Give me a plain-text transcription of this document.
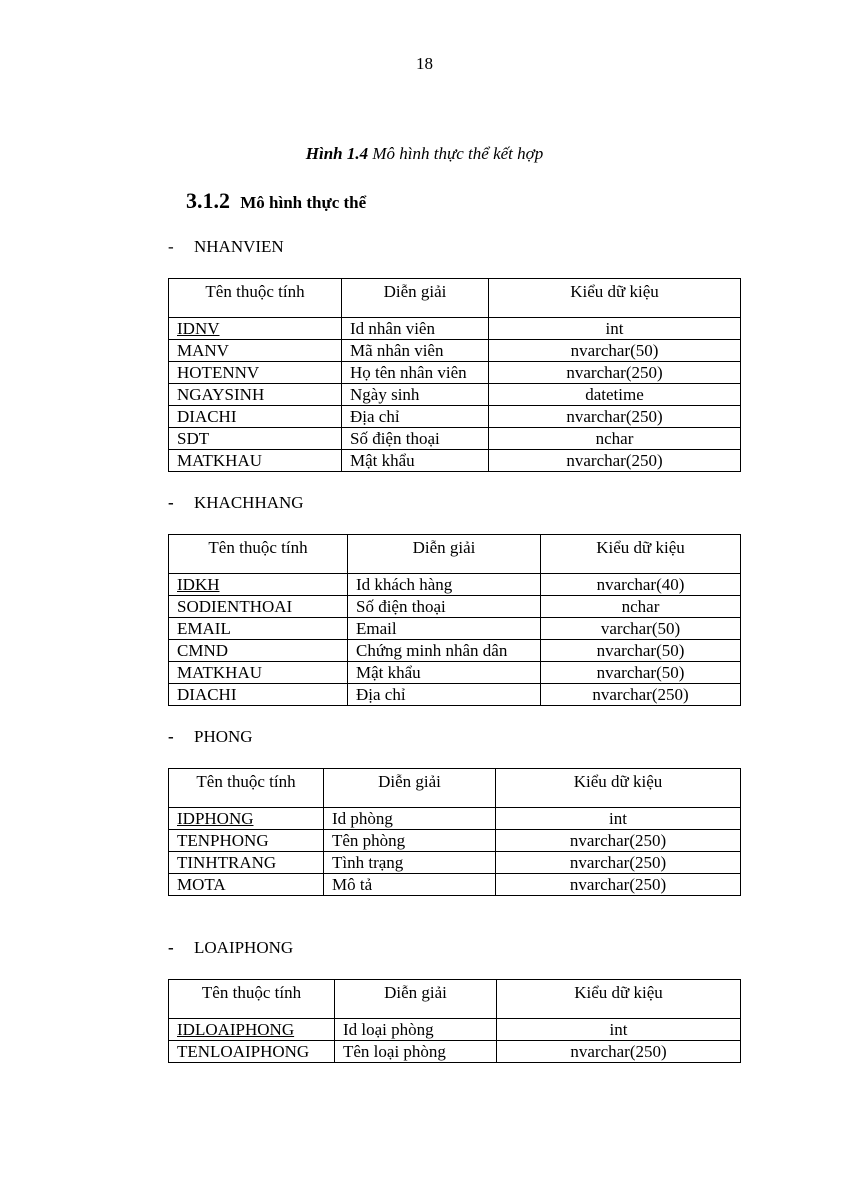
18
Hình 1.4 Mô hình thực thể kết hợp
3.1.2 Mô hình thực thể
- NHANVIEN
Tên thuộc tính	Diễn giải	Kiểu dữ kiệu
IDNV	Id nhân viên	int
MANV	Mã nhân viên	nvarchar(50)
HOTENNV	Họ tên nhân viên	nvarchar(250)
NGAYSINH	Ngày sinh	datetime
DIACHI	Địa chỉ	nvarchar(250)
SDT	Số điện thoại	nchar
MATKHAU	Mật khẩu	nvarchar(250)
- KHACHHANG
Tên thuộc tính	Diễn giải	Kiểu dữ kiệu
IDKH	Id khách hàng	nvarchar(40)
SODIENTHOAI	Số điện thoại	nchar
EMAIL	Email	varchar(50)
CMND	Chứng minh nhân dân	nvarchar(50)
MATKHAU	Mật khẩu	nvarchar(50)
DIACHI	Địa chỉ	nvarchar(250)
- PHONG
Tên thuộc tính	Diễn giải	Kiểu dữ kiệu
IDPHONG	Id phòng	int
TENPHONG	Tên phòng	nvarchar(250)
TINHTRANG	Tình trạng	nvarchar(250)
MOTA	Mô tả	nvarchar(250)
- LOAIPHONG
Tên thuộc tính	Diễn giải	Kiểu dữ kiệu
IDLOAIPHONG	Id loại phòng	int
TENLOAIPHONG	Tên loại phòng	nvarchar(250)
